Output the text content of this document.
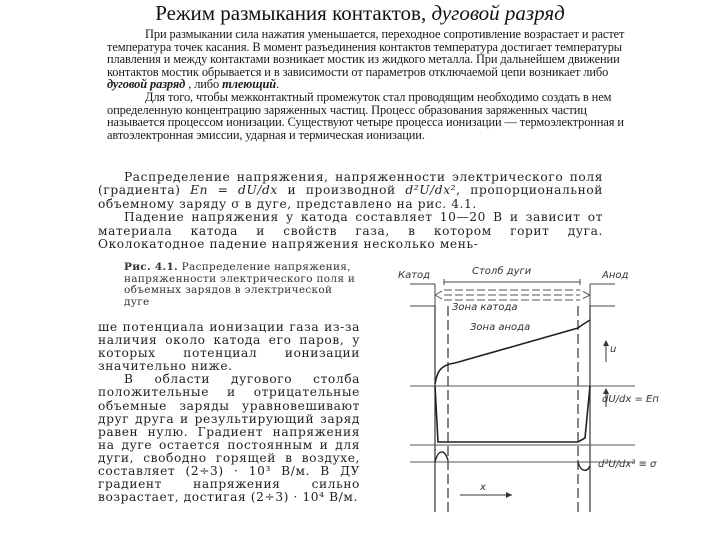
Режим размыкания контактов, дуговой разряд

При размыкании сила нажатия уменьшается, переходное сопротивление возрастает и растет температура точек касания. В момент разъединения контактов температура достигает температуры плавления и между контактами возникает мостик из жидкого металла. При дальнейшем движении контактов мостик обрывается и в зависимости от параметров отключаемой цепи возникает либо дуговой разряд , либо тлеющий.

Для того, чтобы межконтактный промежуток стал проводящим необходимо создать в нем определенную концентрацию заряженных частиц. Процесс образования заряженных частиц называется процессом ионизации. Существуют четыре процесса ионизации — термоэлектронная и автоэлектронная эмиссии, ударная и термическая ионизации.

Распределение напряжения, напряженности электрического поля (градиента) Eп = dU/dx и производной d²U/dx², пропорциональной объемному заряду σ в дуге, представлено на рис. 4.1.

Падение напряжения у катода составляет 10—20 В и зависит от материала катода и свойств газа, в котором горит дуга. Околокатодное падение напряжения несколько мень-

Рис. 4.1. Распределение напряжения, напряженности электрического поля и объемных зарядов в электрической дуге

ше потенциала ионизации газа из-за наличия около катода его паров, у которых потенциал ионизации значительно ниже.

В области дугового столба положительные и отрицательные объемные заряды уравновешивают друг друга и результирующий заряд равен нулю. Градиент напряжения на дуге остается постоянным и для дуги, свободно горящей в воздухе, составляет (2÷3) · 10³ В/м. В ДУ градиент напряжения сильно возрастает, достигая (2÷3) · 10⁴ В/м.

Катод	Столб дуги	Анод
Зона катода
Зона анода
u
dU/dx = Eп
d²U/dx² ≡ σ
x
